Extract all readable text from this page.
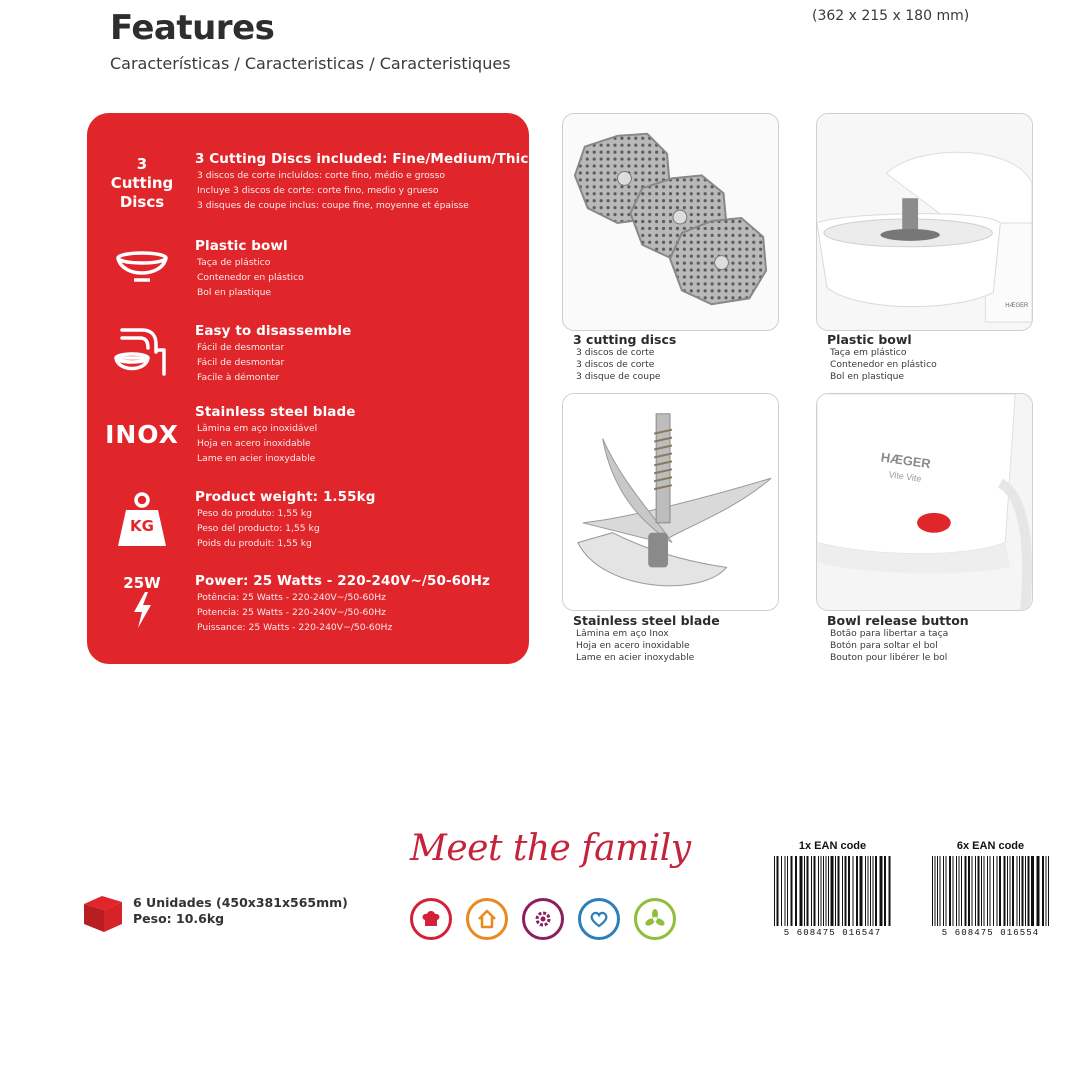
Features
Características / Caracteristicas / Caracteristiques
(362 x 215 x 180 mm)
3
Cutting
Discs
3 Cutting Discs included: Fine/Medium/Thick
3 discos de corte incluídos: corte fino, médio e grosso
Incluye 3 discos de corte: corte fino, medio y grueso
3 disques de coupe inclus: coupe fine, moyenne et épaisse
Plastic bowl
Taça de plástico
Contenedor en plástico
Bol en plastique
Easy to disassemble
Fácil de desmontar
Fácil de desmontar
Facile à démonter
INOX
Stainless steel blade
Lâmina em aço inoxidável
Hoja en acero inoxidable
Lame en acier inoxydable
KG
Product weight: 1.55kg
Peso do produto: 1,55 kg
Peso del producto: 1,55 kg
Poids du produit: 1,55 kg
25W	Power: 25 Watts - 220-240V~/50-60Hz
Potência: 25 Watts - 220-240V~/50-60Hz
Potencia: 25 Watts - 220-240V~/50-60Hz
Puissance: 25 Watts - 220-240V~/50-60Hz
3 cutting discs
3 discos de corte
3 discos de corte
3 disque de coupe
HÆGER
Plastic bowl
Taça em plástico
Contenedor en plástico
Bol en plastique
Stainless steel blade
Lâmina em aço Inox
Hoja en acero inoxidable
Lame en acier inoxydable
HÆGER
Vite Vite
Bowl release button
Botão para libertar a taça
Botón para soltar el bol
Bouton pour libérer le bol
6 Unidades (450x381x565mm)
Peso: 10.6kg
Meet the family	1x EAN code
5 608475 016547
6x EAN code
5 608475 016554
